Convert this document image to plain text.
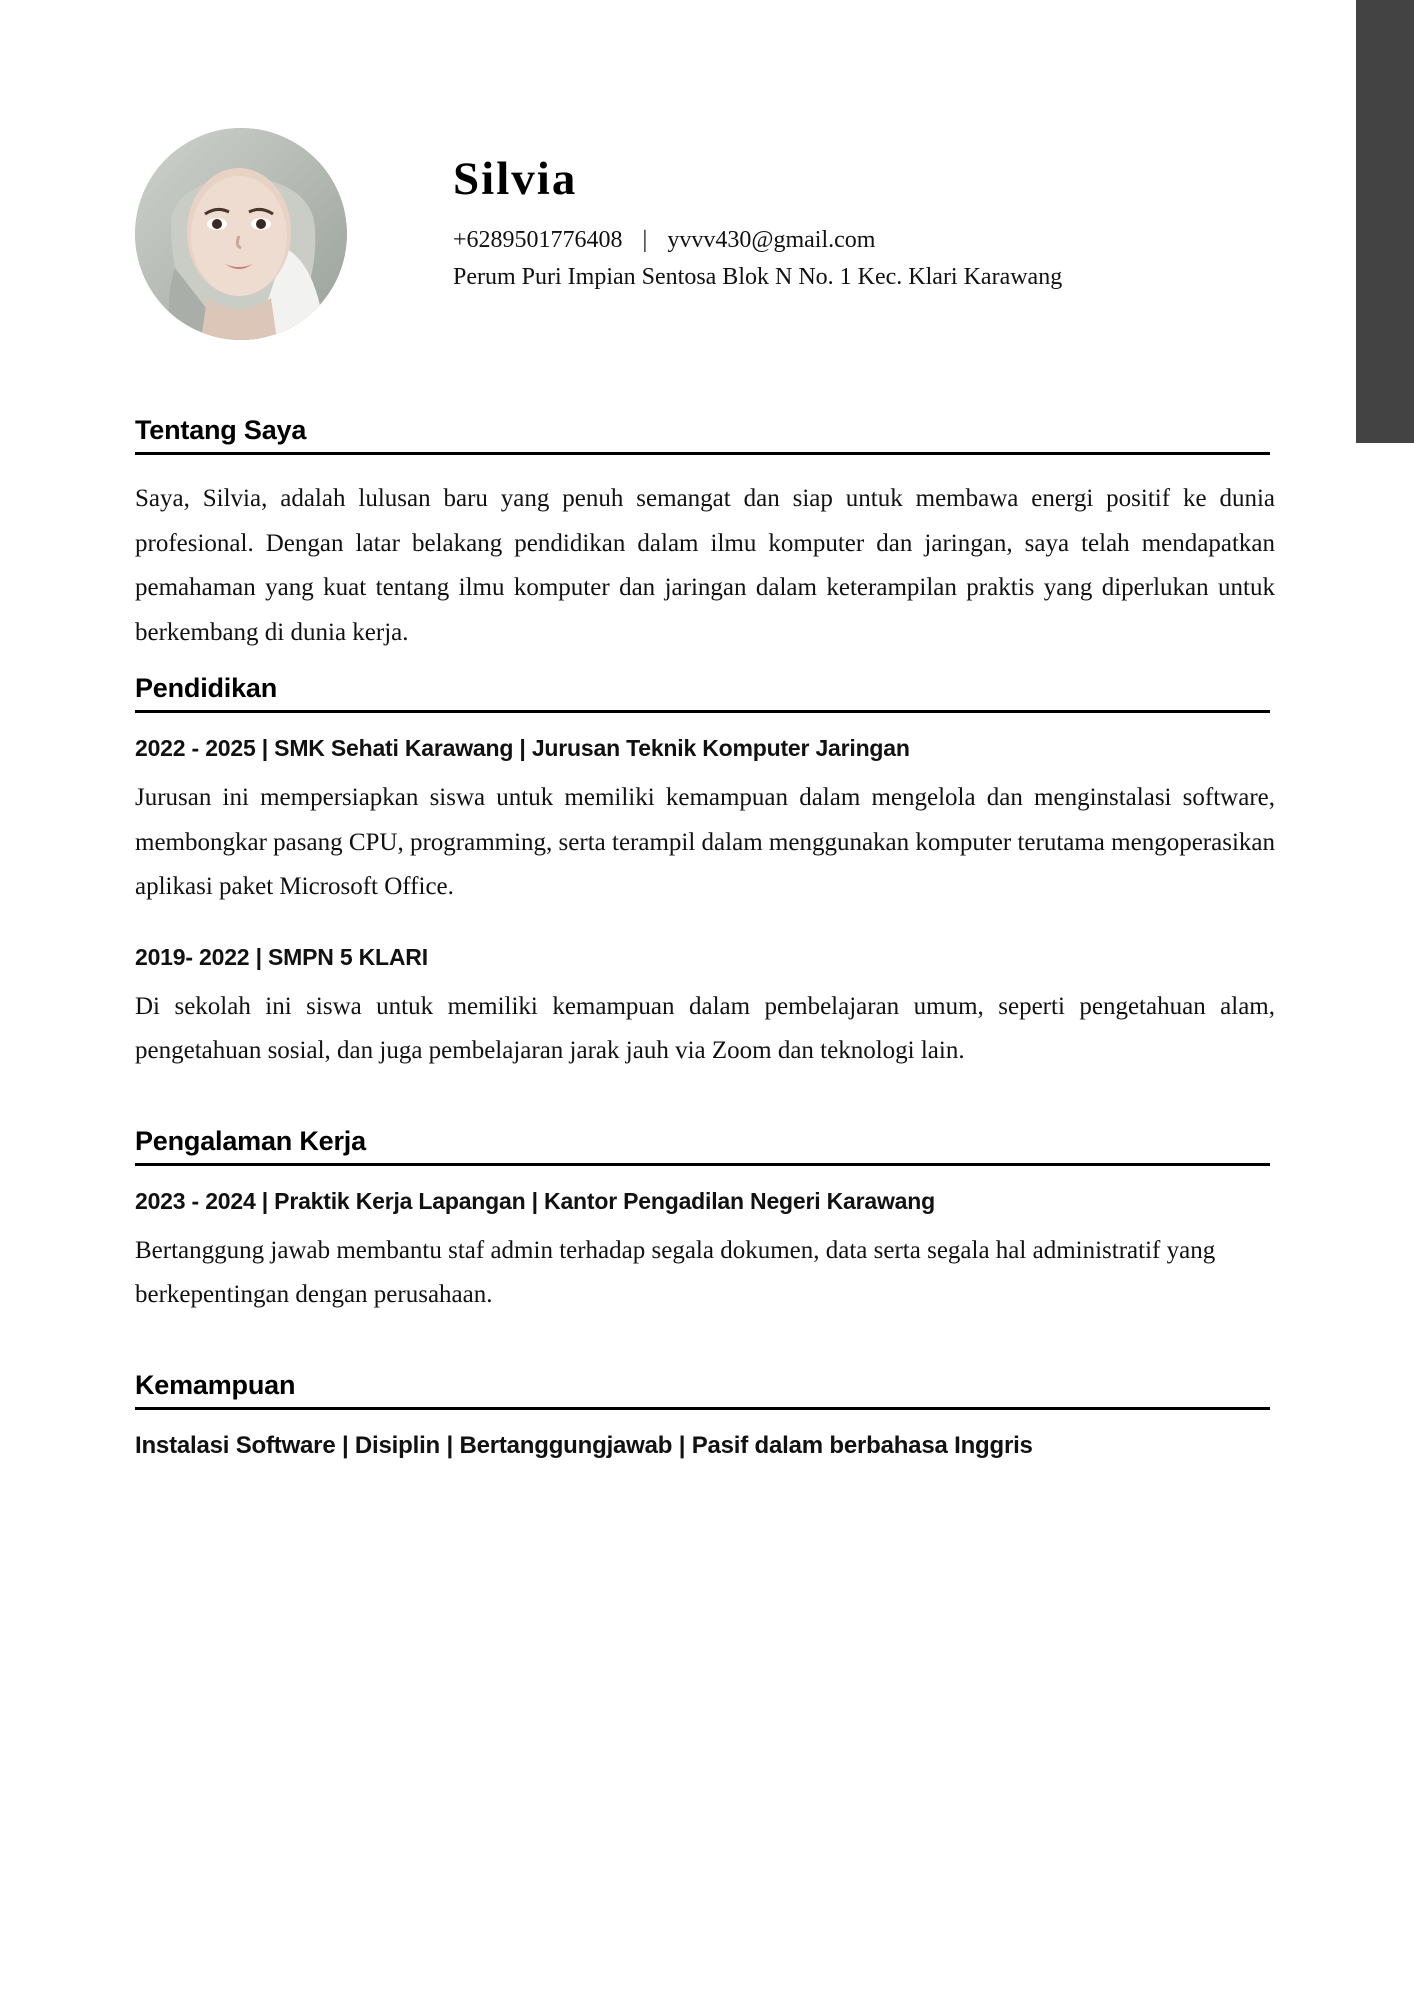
Silvia
+6289501776408 | yvvv430@gmail.com
Perum Puri Impian Sentosa Blok N No. 1 Kec. Klari Karawang
Tentang Saya

Saya, Silvia, adalah lulusan baru yang penuh semangat dan siap untuk membawa energi positif ke dunia profesional. Dengan latar belakang pendidikan dalam ilmu komputer dan jaringan, saya telah mendapatkan pemahaman yang kuat tentang ilmu komputer dan jaringan dalam keterampilan praktis yang diperlukan untuk berkembang di dunia kerja.

Pendidikan
2022 - 2025 | SMK Sehati Karawang | Jurusan Teknik Komputer Jaringan

Jurusan ini mempersiapkan siswa untuk memiliki kemampuan dalam mengelola dan menginstalasi software, membongkar pasang CPU, programming, serta terampil dalam menggunakan komputer terutama mengoperasikan aplikasi paket Microsoft Office.

2019- 2022 | SMPN 5 KLARI

Di sekolah ini siswa untuk memiliki kemampuan dalam pembelajaran umum, seperti pengetahuan alam, pengetahuan sosial, dan juga pembelajaran jarak jauh via Zoom dan teknologi lain.

Pengalaman Kerja
2023 - 2024 | Praktik Kerja Lapangan | Kantor Pengadilan Negeri Karawang

Bertanggung jawab membantu staf admin terhadap segala dokumen, data serta segala hal administratif yang berkepentingan dengan perusahaan.

Kemampuan

Instalasi Software | Disiplin | Bertanggungjawab | Pasif dalam berbahasa Inggris
